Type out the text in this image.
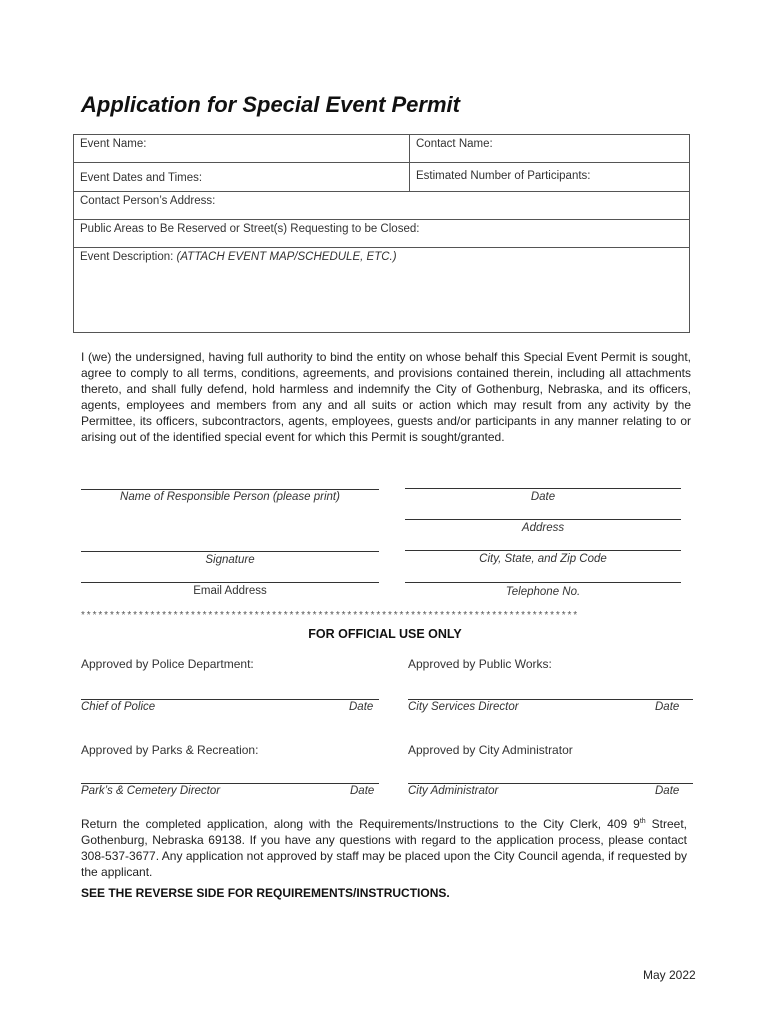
Application for Special Event Permit
Event Name:	Contact Name:
Event Dates and Times:	Estimated Number of Participants:
Contact Person’s Address:
Public Areas to Be Reserved or Street(s) Requesting to be Closed:
Event Description: (ATTACH EVENT MAP/SCHEDULE, ETC.)

I (we) the undersigned, having full authority to bind the entity on whose behalf this Special Event Permit is sought, agree to comply to all terms, conditions, agreements, and provisions contained therein, including all attachments thereto, and shall fully defend, hold harmless and indemnify the City of Gothenburg, Nebraska, and its officers, agents, employees and members from any and all suits or action which may result from any activity by the Permittee, its officers, subcontractors, agents, employees, guests and/or participants in any manner relating to or arising out of the identified special event for which this Permit is sought/granted.

Name of Responsible Person (please print)	Date
Address
Signature	City, State, and Zip Code
Email Address	Telephone No.
**************************************************************************************
FOR OFFICIAL USE ONLY
Approved by Police Department:	Approved by Public Works:
Chief of Police	Date	City Services Director	Date
Approved by Parks & Recreation:	Approved by City Administrator
Park’s & Cemetery Director	Date	City Administrator	Date

Return the completed application, along with the Requirements/Instructions to the City Clerk, 409 9th Street, Gothenburg, Nebraska 69138. If you have any questions with regard to the application process, please contact 308-537-3677. Any application not approved by staff may be placed upon the City Council agenda, if requested by the applicant.

SEE THE REVERSE SIDE FOR REQUIREMENTS/INSTRUCTIONS.
May 2022
